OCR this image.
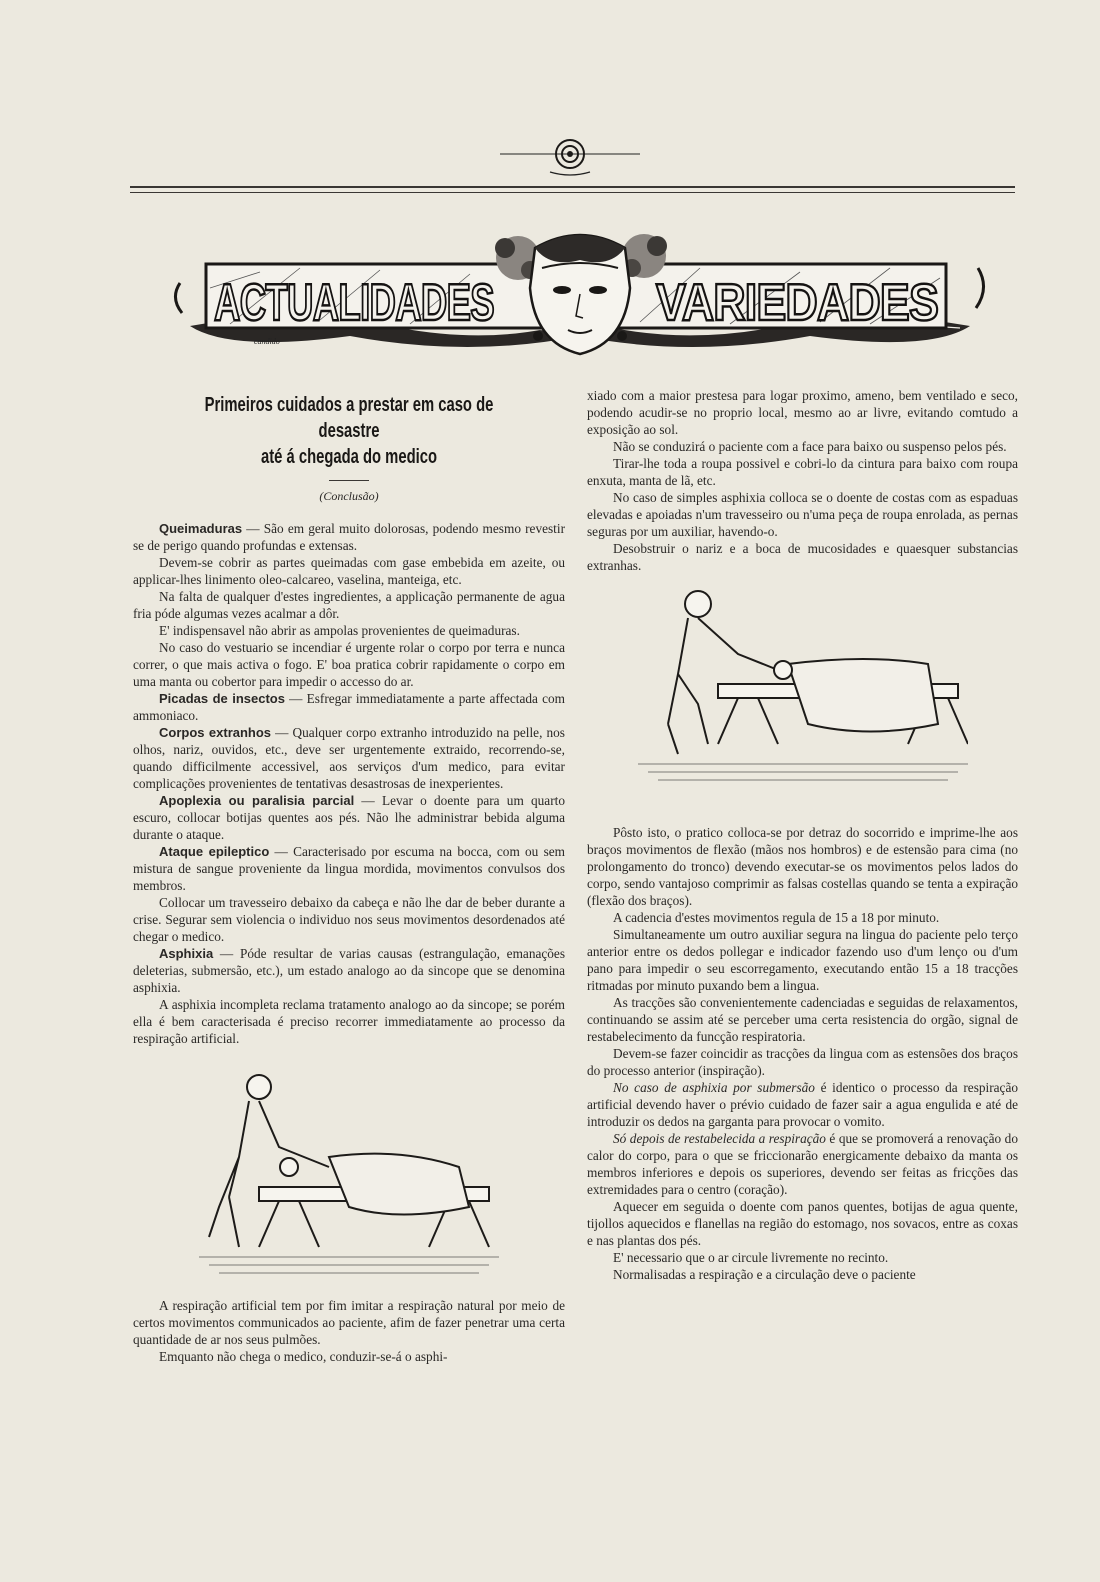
ACTUALIDADES	VARIEDADES
candido
Primeiros cuidados a prestar em caso de desastre
até á chegada do medico
(Conclusão)

Queimaduras — São em geral muito dolorosas, podendo mesmo revestir se de perigo quando profundas e extensas.

Devem-se cobrir as partes queimadas com gase embebida em azeite, ou applicar-lhes linimento oleo-calcareo, vaselina, manteiga, etc.

Na falta de qualquer d'estes ingredientes, a applicação permanente de agua fria póde algumas vezes acalmar a dôr.

E' indispensavel não abrir as ampolas provenientes de queimaduras.

No caso do vestuario se incendiar é urgente rolar o corpo por terra e nunca correr, o que mais activa o fogo. E' boa pratica cobrir rapidamente o corpo em uma manta ou cobertor para impedir o accesso do ar.

Picadas de insectos — Esfregar immediatamente a parte affectada com ammoniaco.

Corpos extranhos — Qualquer corpo extranho introduzido na pelle, nos olhos, nariz, ouvidos, etc., deve ser urgentemente extraido, recorrendo-se, quando difficilmente accessivel, aos serviços d'um medico, para evitar complicações provenientes de tentativas desastrosas de inexperientes.

Apoplexia ou paralisia parcial — Levar o doente para um quarto escuro, collocar botijas quentes aos pés. Não lhe administrar bebida alguma durante o ataque.

Ataque epileptico — Caracterisado por escuma na bocca, com ou sem mistura de sangue proveniente da lingua mordida, movimentos convulsos dos membros.

Collocar um travesseiro debaixo da cabeça e não lhe dar de beber durante a crise. Segurar sem violencia o individuo nos seus movimentos desordenados até chegar o medico.

Asphixia — Póde resultar de varias causas (estrangulação, emanações deleterias, submersão, etc.), um estado analogo ao da sincope que se denomina asphixia.

A asphixia incompleta reclama tratamento analogo ao da sincope; se porém ella é bem caracterisada é preciso recorrer immediatamente ao processo da respiração artificial.

A respiração artificial tem por fim imitar a respiração natural por meio de certos movimentos communicados ao paciente, afim de fazer penetrar uma certa quantidade de ar nos seus pulmões.

Emquanto não chega o medico, conduzir-se-á o asphi-

xiado com a maior prestesa para logar proximo, ameno, bem ventilado e seco, podendo acudir-se no proprio local, mesmo ao ar livre, evitando comtudo a exposição ao sol.

Não se conduzirá o paciente com a face para baixo ou suspenso pelos pés.

Tirar-lhe toda a roupa possivel e cobri-lo da cintura para baixo com roupa enxuta, manta de lã, etc.

No caso de simples asphixia colloca se o doente de costas com as espaduas elevadas e apoiadas n'um travesseiro ou n'uma peça de roupa enrolada, as pernas seguras por um auxiliar, havendo-o.

Desobstruir o nariz e a boca de mucosidades e quaesquer substancias extranhas.

Pôsto isto, o pratico colloca-se por detraz do socorrido e imprime-lhe aos braços movimentos de flexão (mãos nos hombros) e de estensão para cima (no prolongamento do tronco) devendo executar-se os movimentos pelos lados do corpo, sendo vantajoso comprimir as falsas costellas quando se tenta a expiração (flexão dos braços).

A cadencia d'estes movimentos regula de 15 a 18 por minuto.

Simultaneamente um outro auxiliar segura na lingua do paciente pelo terço anterior entre os dedos pollegar e indicador fazendo uso d'um lenço ou d'um pano para impedir o seu escorregamento, executando então 15 a 18 tracções ritmadas por minuto puxando bem a lingua.

As tracções são convenientemente cadenciadas e seguidas de relaxamentos, continuando se assim até se perceber uma certa resistencia do orgão, signal de restabelecimento da funcção respiratoria.

Devem-se fazer coincidir as tracções da lingua com as estensões dos braços do processo anterior (inspiração).

No caso de asphixia por submersão é identico o processo da respiração artificial devendo haver o prévio cuidado de fazer sair a agua engulida e até de introduzir os dedos na garganta para provocar o vomito.

Só depois de restabelecida a respiração é que se promoverá a renovação do calor do corpo, para o que se friccionarão energicamente debaixo da manta os membros inferiores e depois os superiores, devendo ser feitas as fricções das extremidades para o centro (coração).

Aquecer em seguida o doente com panos quentes, botijas de agua quente, tijollos aquecidos e flanellas na região do estomago, nos sovacos, entre as coxas e nas plantas dos pés.

E' necessario que o ar circule livremente no recinto.

Normalisadas a respiração e a circulação deve o paciente
